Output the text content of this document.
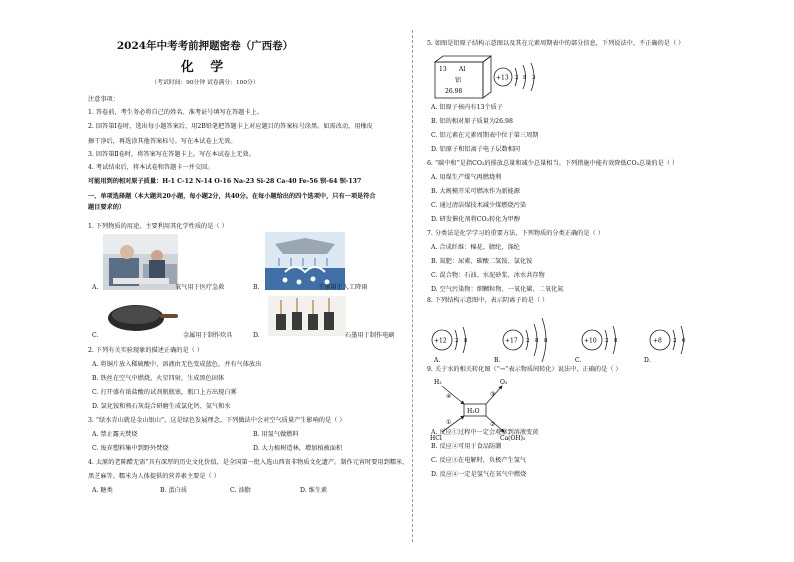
2024年中考考前押题密卷（广西卷）
化 学
（考试时间：90分钟 试卷满分：100分）
注意事项：
1. 答卷前，考生务必将自己的姓名、准考证号填写在答题卡上。
2. 回答第Ⅰ卷时，选出每小题答案后，用2B铅笔把答题卡上对应题目的答案标号涂黑。如需改动，用橡皮
擦干净后，再选涂其他答案标号。写在本试卷上无效。
3. 回答第Ⅱ卷时，将答案写在答题卡上。写在本试卷上无效。
4. 考试结束后，将本试卷和答题卡一并交回。
可能用到的相对原子质量：H-1 C-12 N-14 O-16 Na-23 Si-28 Ca-40 Fe-56 钡-64 钡-137
一、单项选择题（本大题共20小题，每小题2分，共40分。在每小题给出的四个选项中，只有一项是符合
题目要求的）
1. 下列物质的用途，主要利用其化学性质的是（ ）
A.	氧气用于医疗急救	B.	干冰用于人工降雨
C.	金属用于制作炊具	D.	石墨用于制作电刷
2. 下列有关实验现象的描述正确的是（ ）
A. 将铜片放入稀硫酸中，溶液由无色变成蓝色，并有气体放出
B. 铁丝在空气中燃烧，火星四射，生成黑色固体
C. 打开盛有浓盐酸的试剂瓶瓶塞，瓶口上方出现白雾
D. 氯化铵和熟石灰混合研磨生成氯化钙、氨气和水
3. “绿水青山就是金山银山”，这是绿色发展理念。下列做法中会对空气质量产生影响的是（ ）
A. 禁止露天焚烧	B. 用氢气做燃料
C. 废弃塑料集中到野外焚烧	D. 大力植树造林，增加植被面积
4. 太原的老陈醋无需“具有深厚的历史文化价值，是全国第一批入选山西省非物质文化遗产。制作元宵时要用到糯米、
黑芝麻等。糯米为人体提供的营养素主要是（ ）
A. 糖类	B. 蛋白质	C. 油脂	D. 维生素
5. 如图是铝原子结构示意图以及其在元素周期表中的部分信息，下列说法中，不正确的是（ ）
13 Al
铝
26.98
+13 2 8 3
A. 铝原子核内有13个质子
B. 铝的相对原子质量为26.98
C. 铝元素在元素周期表中位于第三周期
D. 铝原子和铝离子电子层数相同
6. “碳中和”是指CO₂的排放总量和减少总量相当。下列措施中能有效降低CO₂总量的是（ ）
A. 用煤生产煤气再燃烧利
B. 大规模开采可燃冰作为新能源
C. 通过清洁煤技术减少煤燃烧污染
D. 研发催化剂将CO₂转化为甲醇
7. 分类法是化学学习的重要方法，下列物质的分类正确的是（ ）
A. 合成纤维：棉花、腈纶、涤纶
B. 氮肥：尿素、碳酸二氢铵、氯化铵
C. 混合物：石油、水泥砂浆、冰水共存物
D. 空气污染物：细颗粒物、一氧化碳、二氧化氮
8. 下列结构示意图中，表示阴离子的是（ ）
+12 2 8
A.
+17 2 8 8
B.
+10 2 8
C.
+8 2 6
D.
9. 关于水的相关转化图（“→”表示物质间转化）说法中，正确的是（ ）
H₂	O₂
H₂O
HCl	Ca(OH)₂
④	③
①	②
A. 反应①过程中一定会观察到溶液变黄
B. 反应②可用于食品防潮
C. 反应③在电解时，负极产生氢气
D. 反应④一定是氢气在氧气中燃烧
